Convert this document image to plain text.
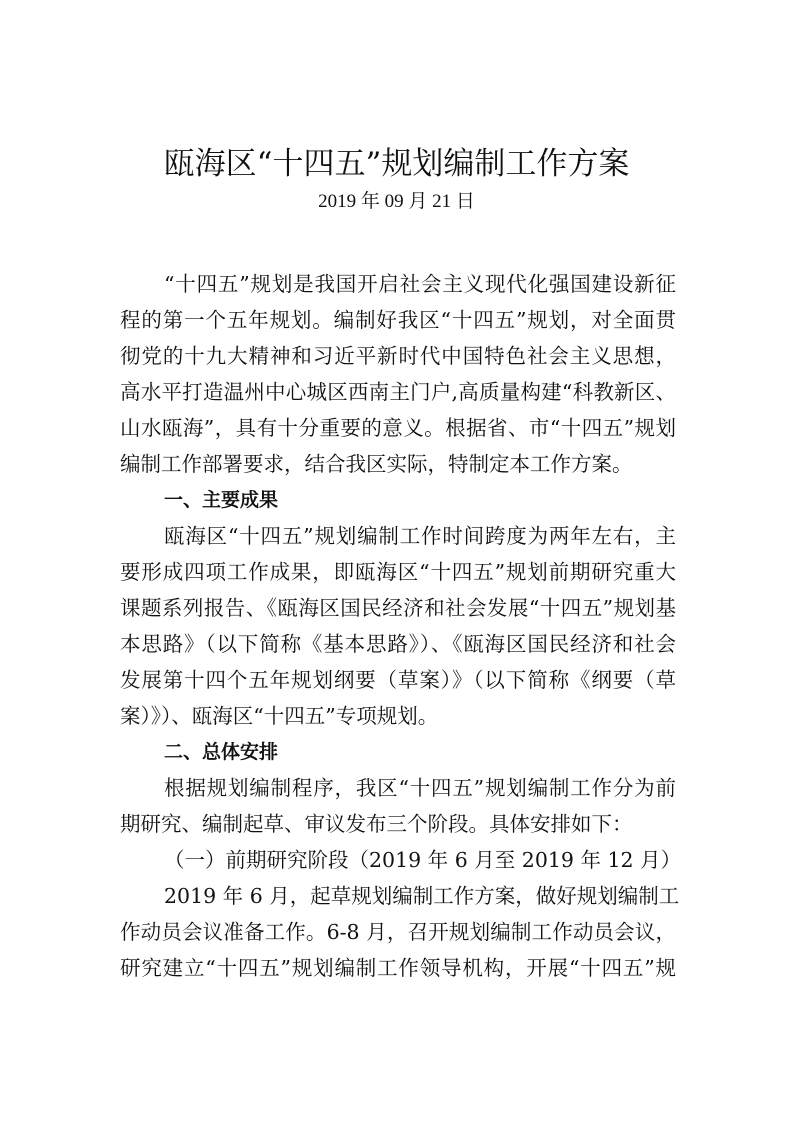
瓯海区“十四五”规划编制工作方案
2019 年 09 月 21 日
“十四五”规划是我国开启社会主义现代化强国建设新征
程的第一个五年规划。编制好我区“十四五”规划，对全面贯
彻党的十九大精神和习近平新时代中国特色社会主义思想，
高水平打造温州中心城区西南主门户,高质量构建“科教新区、
山水瓯海”，具有十分重要的意义。根据省、市“十四五”规划
编制工作部署要求，结合我区实际，特制定本工作方案。
一、主要成果
瓯海区“十四五”规划编制工作时间跨度为两年左右，主
要形成四项工作成果，即瓯海区“十四五”规划前期研究重大
课题系列报告、《瓯海区国民经济和社会发展“十四五”规划基
本思路》（以下简称《基本思路》）、《瓯海区国民经济和社会
发展第十四个五年规划纲要（草案）》（以下简称《纲要（草
案）》）、瓯海区“十四五”专项规划。
二、总体安排
根据规划编制程序，我区“十四五”规划编制工作分为前
期研究、编制起草、审议发布三个阶段。具体安排如下：
（一）前期研究阶段（2019 年 6 月至 2019 年 12 月）
2019 年 6 月，起草规划编制工作方案，做好规划编制工
作动员会议准备工作。6-8 月，召开规划编制工作动员会议，
研究建立“十四五”规划编制工作领导机构，开展“十四五”规
